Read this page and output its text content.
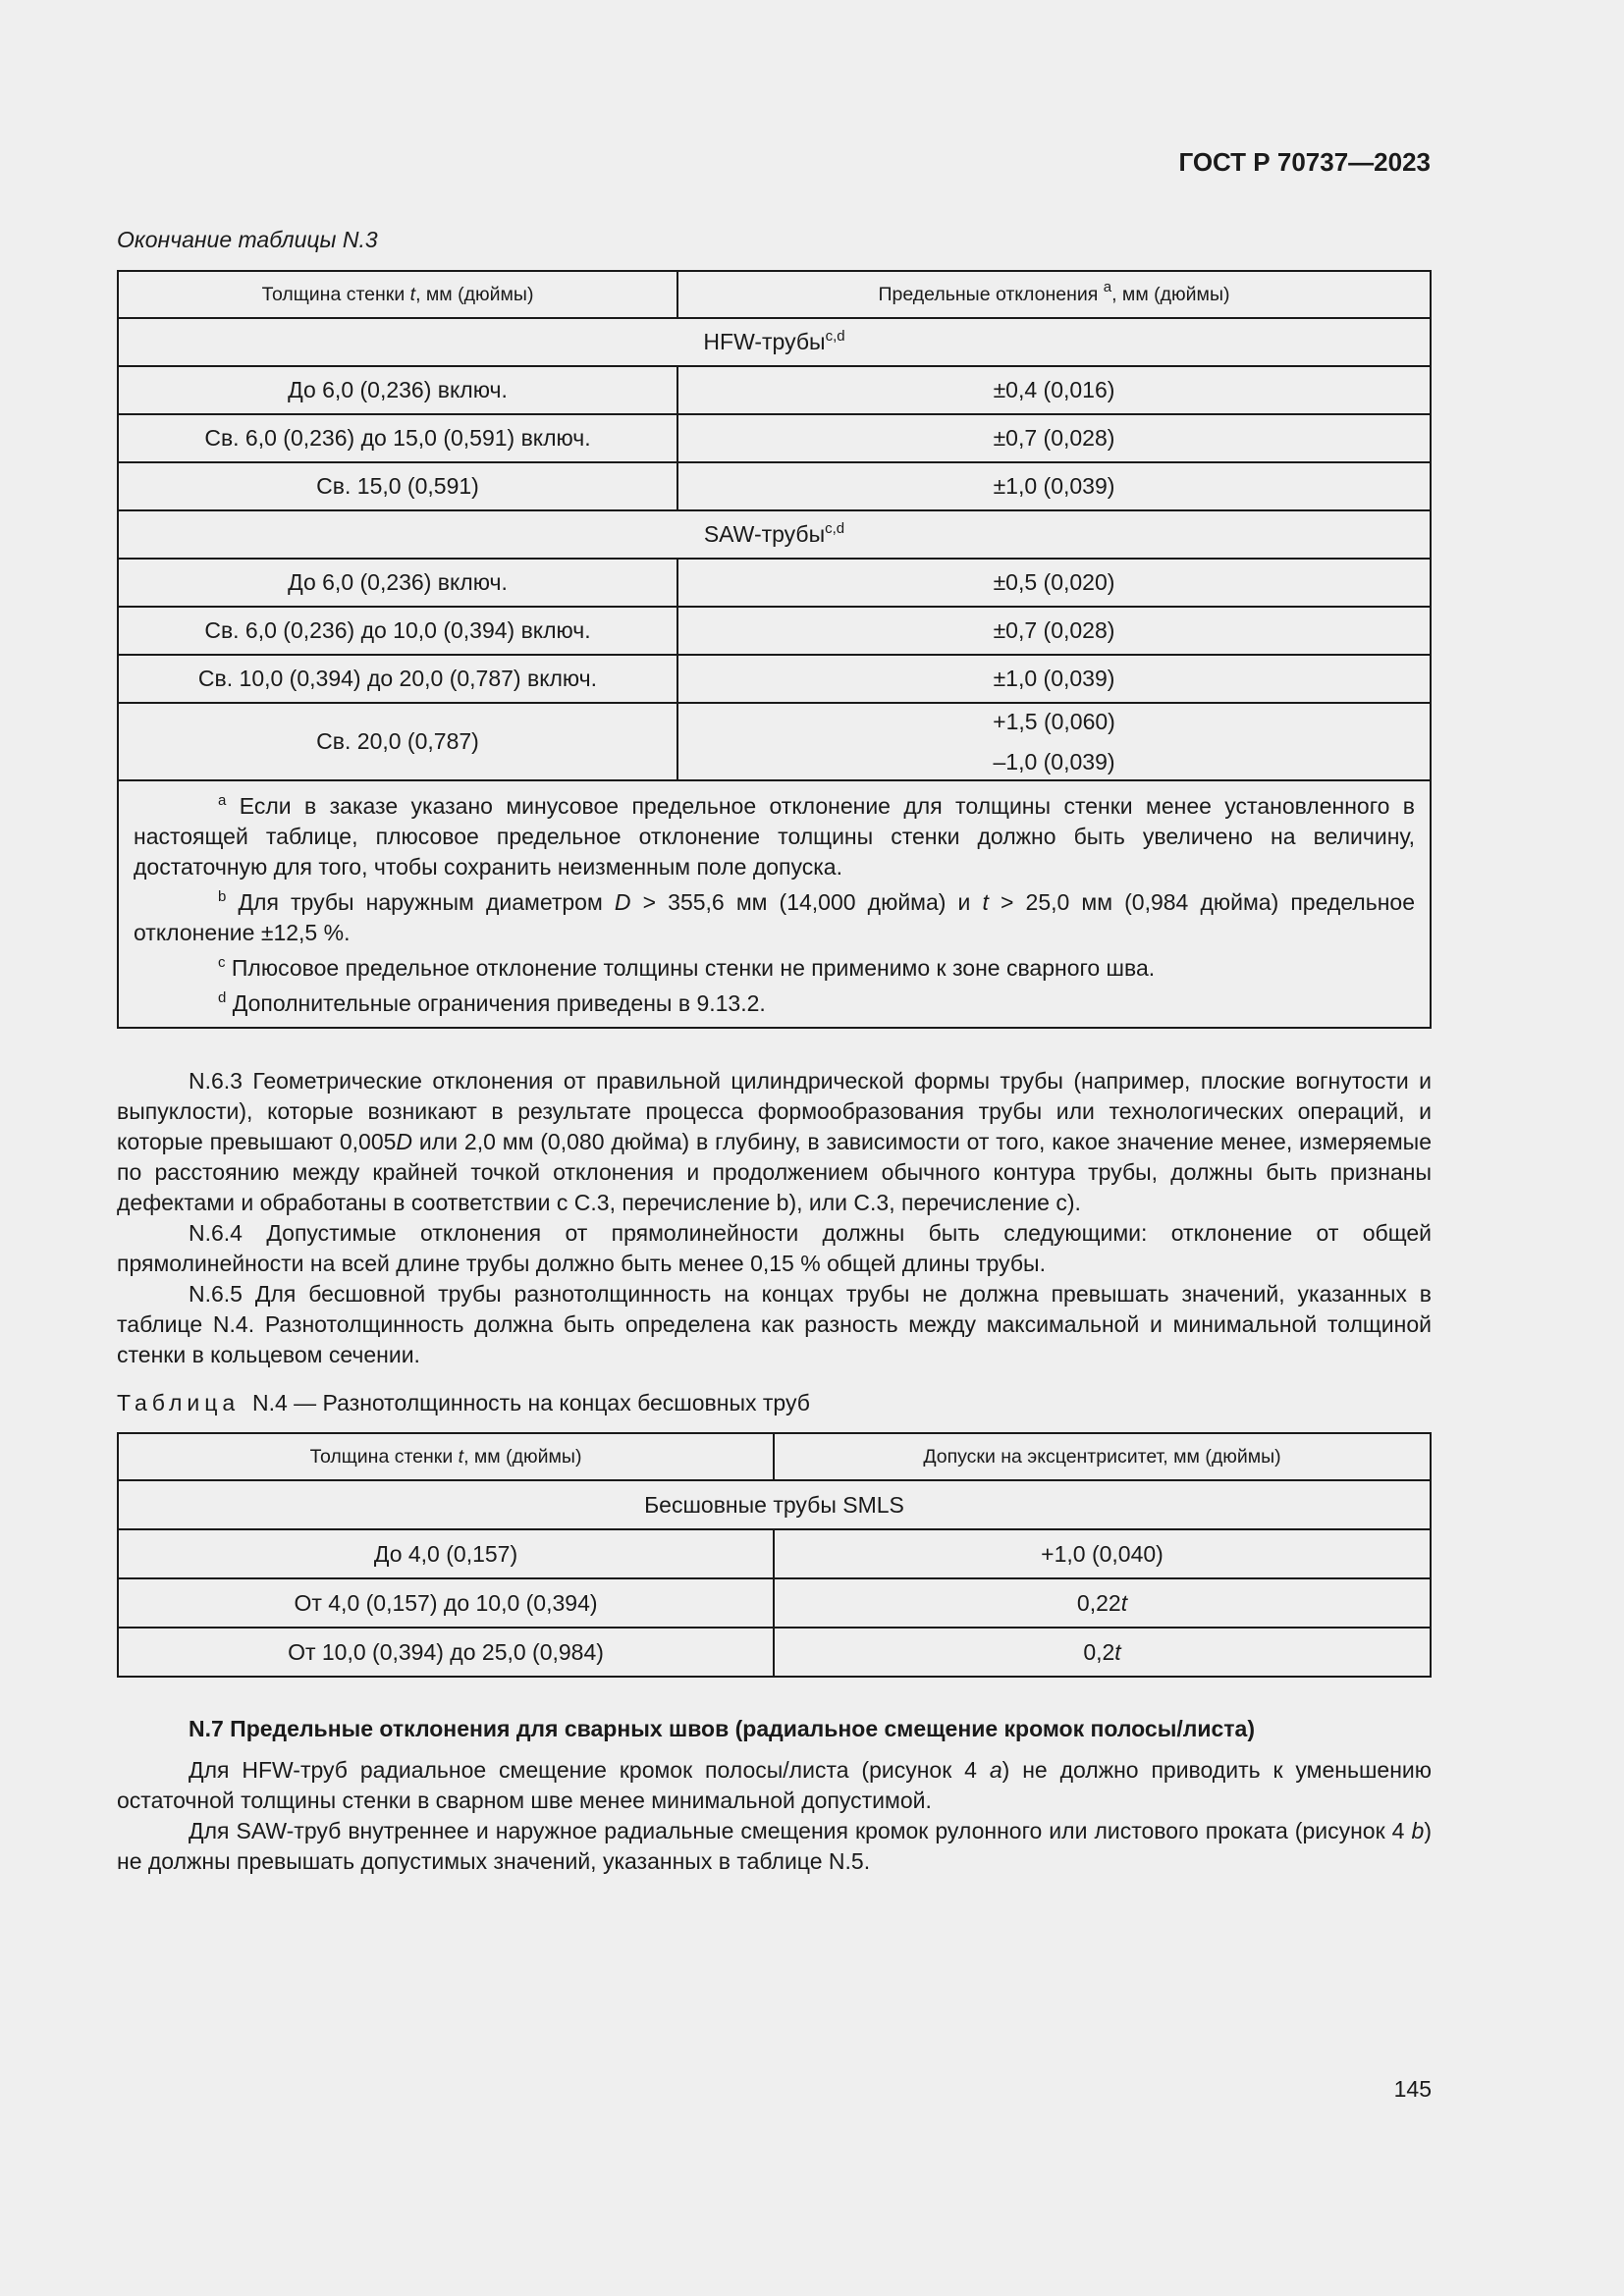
ГОСТ Р 70737—2023
Окончание таблицы N.3
Толщина стенки t, мм (дюймы)	Предельные отклонения $^a$, мм (дюймы)
HFW-трубы$^{c,d}$
До 6,0 (0,236) включ.	±0,4 (0,016)
Св. 6,0 (0,236) до 15,0 (0,591) включ.	±0,7 (0,028)
Св. 15,0 (0,591)	±1,0 (0,039)
SAW-трубы$^{c,d}$
До 6,0 (0,236) включ.	±0,5 (0,020)
Св. 6,0 (0,236) до 10,0 (0,394) включ.	±0,7 (0,028)
Св. 10,0 (0,394) до 20,0 (0,787) включ.	±1,0 (0,039)
Св. 20,0 (0,787)	+1,5 (0,060)
–1,0 (0,039)

$^a$ Если в заказе указано минусовое предельное отклонение для толщины стенки менее установленного в настоящей таблице, плюсовое предельное отклонение толщины стенки должно быть увеличено на величину, достаточную для того, чтобы сохранить неизменным поле допуска.

$^b$ Для трубы наружным диаметром D > 355,6 мм (14,000 дюйма) и t > 25,0 мм (0,984 дюйма) предельное отклонение ±12,5 %.

$^c$ Плюсовое предельное отклонение толщины стенки не применимо к зоне сварного шва.

$^d$ Дополнительные ограничения приведены в 9.13.2.	

N.6.3 Геометрические отклонения от правильной цилиндрической формы трубы (например, плоские вогнутости и выпуклости), которые возникают в результате процесса формообразования трубы или технологических операций, и которые превышают 0,005D или 2,0 мм (0,080 дюйма) в глубину, в зависимости от того, какое значение менее, измеряемые по расстоянию между крайней точкой отклонения и продолжением обычного контура трубы, должны быть признаны дефектами и обработаны в соответствии с С.3, перечисление b), или С.3, перечисление с).

N.6.4 Допустимые отклонения от прямолинейности должны быть следующими: отклонение от общей прямолинейности на всей длине трубы должно быть менее 0,15 % общей длины трубы.

N.6.5 Для бесшовной трубы разнотолщинность на концах трубы не должна превышать значений, указанных в таблице N.4. Разнотолщинность должна быть определена как разность между максимальной и минимальной толщиной стенки в кольцевом сечении.

Таблица  N.4 — Разнотолщинность на концах бесшовных труб
Толщина стенки t, мм (дюймы)	Допуски на эксцентриситет, мм (дюймы)
Бесшовные трубы SMLS	
До 4,0 (0,157)	+1,0 (0,040)
От 4,0 (0,157) до 10,0 (0,394)	0,22t
От 10,0 (0,394) до 25,0 (0,984)	0,2t

N.7 Предельные отклонения для сварных швов (радиальное смещение кромок полосы/листа)

Для HFW-труб радиальное смещение кромок полосы/листа (рисунок 4 а) не должно приводить к уменьшению остаточной толщины стенки в сварном шве менее минимальной допустимой.

Для SAW-труб внутреннее и наружное радиальные смещения кромок рулонного или листового проката (рисунок 4 b) не должны превышать допустимых значений, указанных в таблице N.5.

145
